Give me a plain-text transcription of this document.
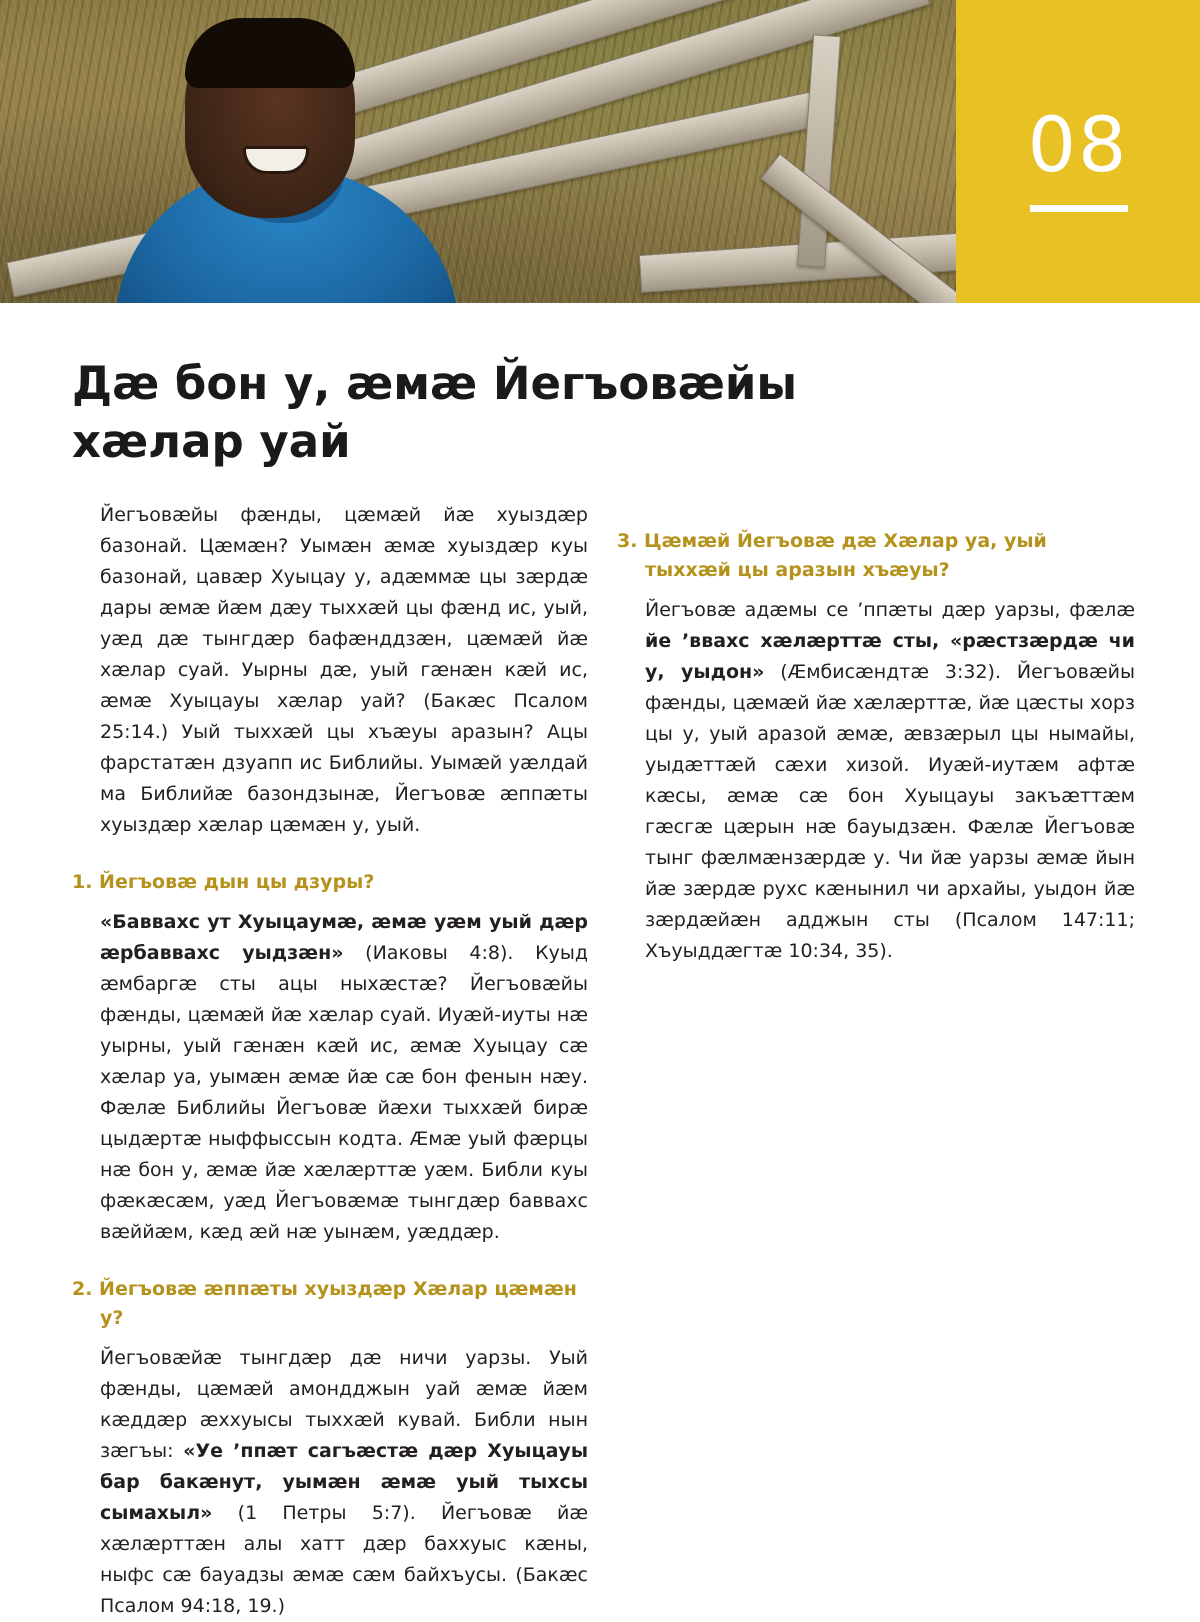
08
Дæ бон у, æмæ Йегъовæйы
хæлар уай

Йегъовæйы фæнды, цæмæй йæ хуыздæр базонай. Цæмæн? Уымæн æмæ хуыздæр куы базонай, цавæр Хуыцау у, адæммæ цы зæрдæ дары æмæ йæм дæу тыххæй цы фæнд ис, уый, уæд дæ тынгдæр бафæнддзæн, цæмæй йæ хæлар суай. Уырны дæ, уый гæнæн кæй ис, æмæ Хуыцауы хæлар уай? (Бакæс Псалом 25:14.) Уый тыххæй цы хъæуы аразын? Ацы фарстатæн дзуапп ис Библийы. Уымæй уæлдай ма Библийæ базондзынæ, Йегъовæ æппæты хуыздæр хæлар цæмæн у, уый.

1. Йегъовæ дын цы дзуры?

«Баввахс ут Хуыцаумæ, æмæ уæм уый дæр æрбаввахс уыдзæн» (Иаковы 4:8). Куыд æмбаргæ сты ацы ныхæстæ? Йегъовæйы фæнды, цæмæй йæ хæлар суай. Иуæй-иуты нæ уырны, уый гæнæн кæй ис, æмæ Хуыцау сæ хæлар уа, уымæн æмæ йæ сæ бон фенын нæу. Фæлæ Библийы Йегъовæ йæхи тыххæй бирæ цыдæртæ ныффыссын кодта. Æмæ уый фæрцы нæ бон у, æмæ йæ хæлæрттæ уæм. Библи куы фæкæсæм, уæд Йегъовæмæ тынгдæр баввахс вæййæм, кæд æй нæ уынæм, уæддæр.

2. Йегъовæ æппæты хуыздæр Хæлар цæмæн у?

Йегъовæйæ тынгдæр дæ ничи уарзы. Уый фæнды, цæмæй амондджын уай æмæ йæм кæддæр æххуысы тыххæй кувай. Библи нын зæгъы: «Уе ’ппæт сагъæстæ дæр Хуыцауы бар бакæнут, уымæн æмæ уый тыхсы сымахыл» (1 Петры 5:7). Йегъовæ йæ хæлæрттæн алы хатт дæр баххуыс кæны, ныфс сæ бауадзы æмæ сæм байхъусы. (Бакæс Псалом 94:18, 19.)

3. Цæмæй Йегъовæ дæ Хæлар уа, уый тыххæй цы аразын хъæуы?

Йегъовæ адæмы се ’ппæты дæр уарзы, фæлæ йе ’ввахс хæлæрттæ сты, «рæстзæрдæ чи у, уыдон» (Æмбисæндтæ 3:32). Йегъовæйы фæнды, цæмæй йæ хæлæрттæ, йæ цæсты хорз цы у, уый аразой æмæ, æвзæрыл цы нымайы, уыдæттæй сæхи хизой. Иуæй-иутæм афтæ кæсы, æмæ сæ бон Хуыцауы закъæттæм гæсгæ цæрын нæ бауыдзæн. Фæлæ Йегъовæ тынг фæлмæнзæрдæ у. Чи йæ уарзы æмæ йын йæ зæрдæ рухс кæнынил чи архайы, уыдон йæ зæрдæйæн адджын сты (Псалом 147:11; Хъуыддæгтæ 10:34, 35).
